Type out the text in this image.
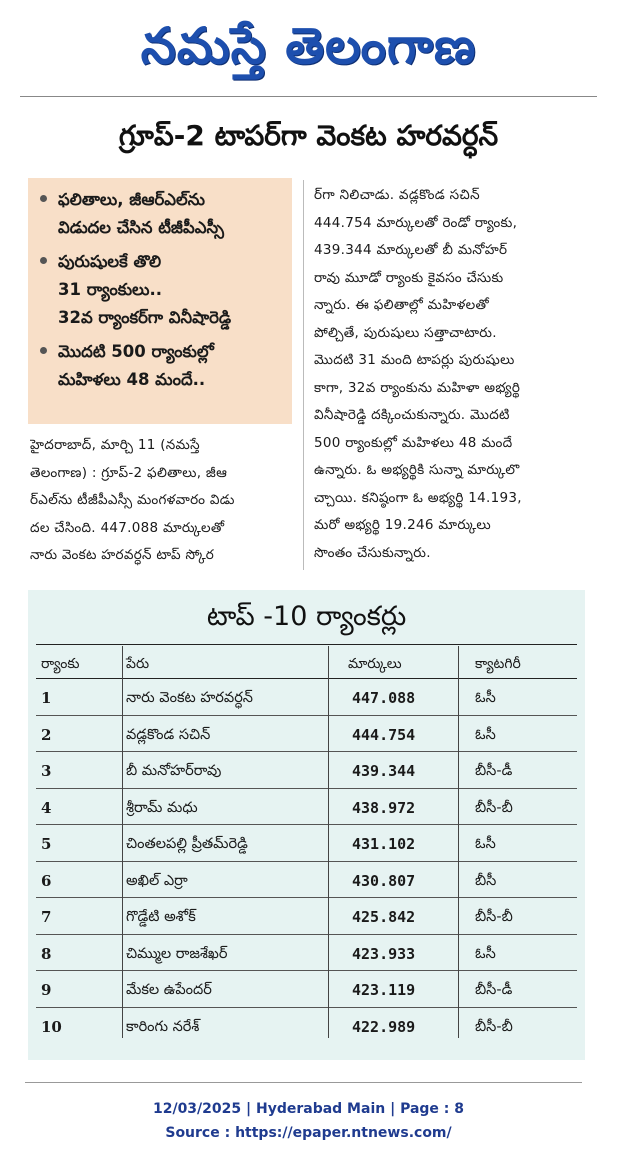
నమస్తే తెలంగాణ
గ్రూప్-2 టాపర్‌గా వెంకట హరవర్ధన్
ఫలితాలు, జీఆర్ఎల్‌ను
విడుదల చేసిన టీజీపీఎస్సీ
పురుషులకే తొలి
31 ర్యాంకులు..
32వ ర్యాంకర్‌గా వినీషారెడ్డి
మొదటి 500 ర్యాంకుల్లో
మహిళలు 48 మందే..
హైదరాబాద్, మార్చి 11 (నమస్తే
తెలంగాణ) : గ్రూప్-2 ఫలితాలు, జీఆ
ర్ఎల్‌ను టీజీపీఎస్సీ మంగళవారం విడు
దల చేసింది. 447.088 మార్కులతో
నారు వెంకట హరవర్ధన్ టాప్ స్కోర
ర్‌గా నిలిచాడు. వడ్లకొండ సచిన్
444.754 మార్కులతో రెండో ర్యాంకు,
439.344 మార్కులతో బీ మనోహర్
రావు మూడో ర్యాంకు కైవసం చేసుకు
న్నారు. ఈ ఫలితాల్లో మహిళలతో
పోల్చితే, పురుషులు సత్తాచాటారు.
మొదటి 31 మంది టాపర్లు పురుషులు
కాగా, 32వ ర్యాంకును మహిళా అభ్యర్థి
వినీషారెడ్డి దక్కించుకున్నారు. మొదటి
500 ర్యాంకుల్లో మహిళలు 48 మందే
ఉన్నారు. ఓ అభ్యర్థికి సున్నా మార్కులొ
చ్చాయి. కనిష్ఠంగా ఓ అభ్యర్థి 14.193,
మరో అభ్యర్థి 19.246 మార్కులు
సొంతం చేసుకున్నారు.
టాప్ -10 ర్యాంకర్లు
ర్యాంకు	పేరు	మార్కులు	క్యాటగిరీ
1	నారు వెంకట హరవర్ధన్	447.088	ఓసీ
2	వడ్లకొండ సచిన్	444.754	ఓసీ
3	బీ మనోహర్‌రావు	439.344	బీసీ-డీ
4	శ్రీరామ్ మధు	438.972	బీసీ-బీ
5	చింతలపల్లి ప్రీతమ్‌రెడ్డి	431.102	ఓసీ
6	అఖిల్ ఎర్రా	430.807	బీసీ
7	గొడ్డేటి అశోక్	425.842	బీసీ-బీ
8	చిమ్ముల రాజశేఖర్	423.933	ఓసీ
9	మేకల ఉపేందర్	423.119	బీసీ-డీ
10	కారింగు నరేశ్	422.989	బీసీ-బీ
12/03/2025 | Hyderabad Main | Page : 8
Source : https://epaper.ntnews.com/
